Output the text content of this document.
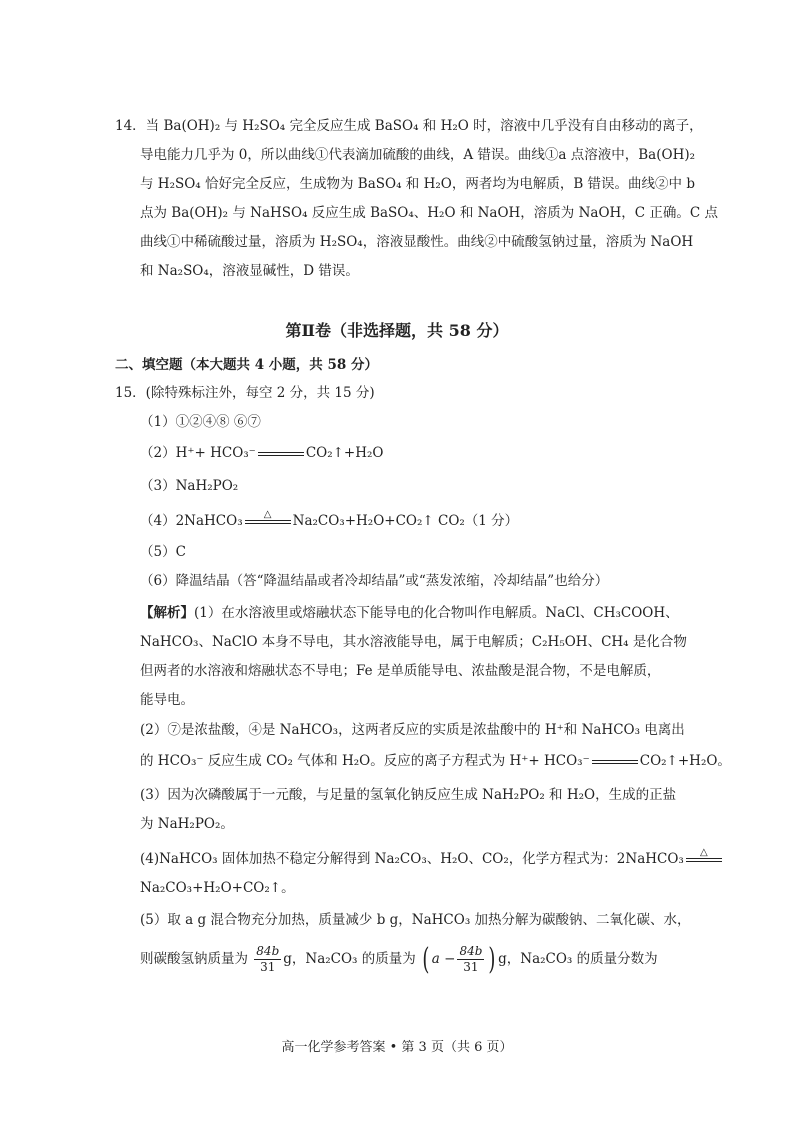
14．当 Ba(OH)₂ 与 H₂SO₄ 完全反应生成 BaSO₄ 和 H₂O 时，溶液中几乎没有自由移动的离子，
导电能力几乎为 0，所以曲线①代表滴加硫酸的曲线，A 错误。曲线①a 点溶液中，Ba(OH)₂
与 H₂SO₄ 恰好完全反应，生成物为 BaSO₄ 和 H₂O，两者均为电解质，B 错误。曲线②中 b
点为 Ba(OH)₂ 与 NaHSO₄ 反应生成 BaSO₄、H₂O 和 NaOH，溶质为 NaOH，C 正确。C 点
曲线①中稀硫酸过量，溶质为 H₂SO₄，溶液显酸性。曲线②中硫酸氢钠过量，溶质为 NaOH
和 Na₂SO₄，溶液显碱性，D 错误。
第Ⅱ卷（非选择题，共 58 分）
二、填空题（本大题共 4 小题，共 58 分）
15．(除特殊标注外，每空 2 分，共 15 分)
（1）①②④⑧ ⑥⑦
（2）H⁺+ HCO₃⁻	CO₂↑+H₂O
（3）NaH₂PO₂
（4）2NaHCO₃	△	Na₂CO₃+H₂O+CO₂↑ CO₂（1 分）
（5）C
（6）降温结晶（答“降温结晶或者冷却结晶”或“蒸发浓缩，冷却结晶”也给分）
【解析】(1）在水溶液里或熔融状态下能导电的化合物叫作电解质。NaCl、CH₃COOH、
NaHCO₃、NaClO 本身不导电，其水溶液能导电，属于电解质；C₂H₅OH、CH₄ 是化合物
但两者的水溶液和熔融状态不导电；Fe 是单质能导电、浓盐酸是混合物，不是电解质，
能导电。
(2）⑦是浓盐酸，④是 NaHCO₃，这两者反应的实质是浓盐酸中的 H⁺和 NaHCO₃ 电离出
的 HCO₃⁻ 反应生成 CO₂ 气体和 H₂O。反应的离子方程式为 H⁺+ HCO₃⁻	CO₂↑+H₂O。
(3）因为次磷酸属于一元酸，与足量的氢氧化钠反应生成 NaH₂PO₂ 和 H₂O，生成的正盐
为 NaH₂PO₂。
(4)NaHCO₃ 固体加热不稳定分解得到 Na₂CO₃、H₂O、CO₂，化学方程式为：2NaHCO₃	△
Na₂CO₃+H₂O+CO₂↑。
(5）取 a g 混合物充分加热，质量减少 b g，NaHCO₃ 加热分解为碳酸钠、二氧化碳、水，
则碳酸氢钠质量为 $\frac{84b}{31}$ g，Na₂CO₃ 的质量为 ( $a - \frac{84b}{31}$ ) g，Na₂CO₃ 的质量分数为
高一化学参考答案 • 第 3 页（共 6 页）
